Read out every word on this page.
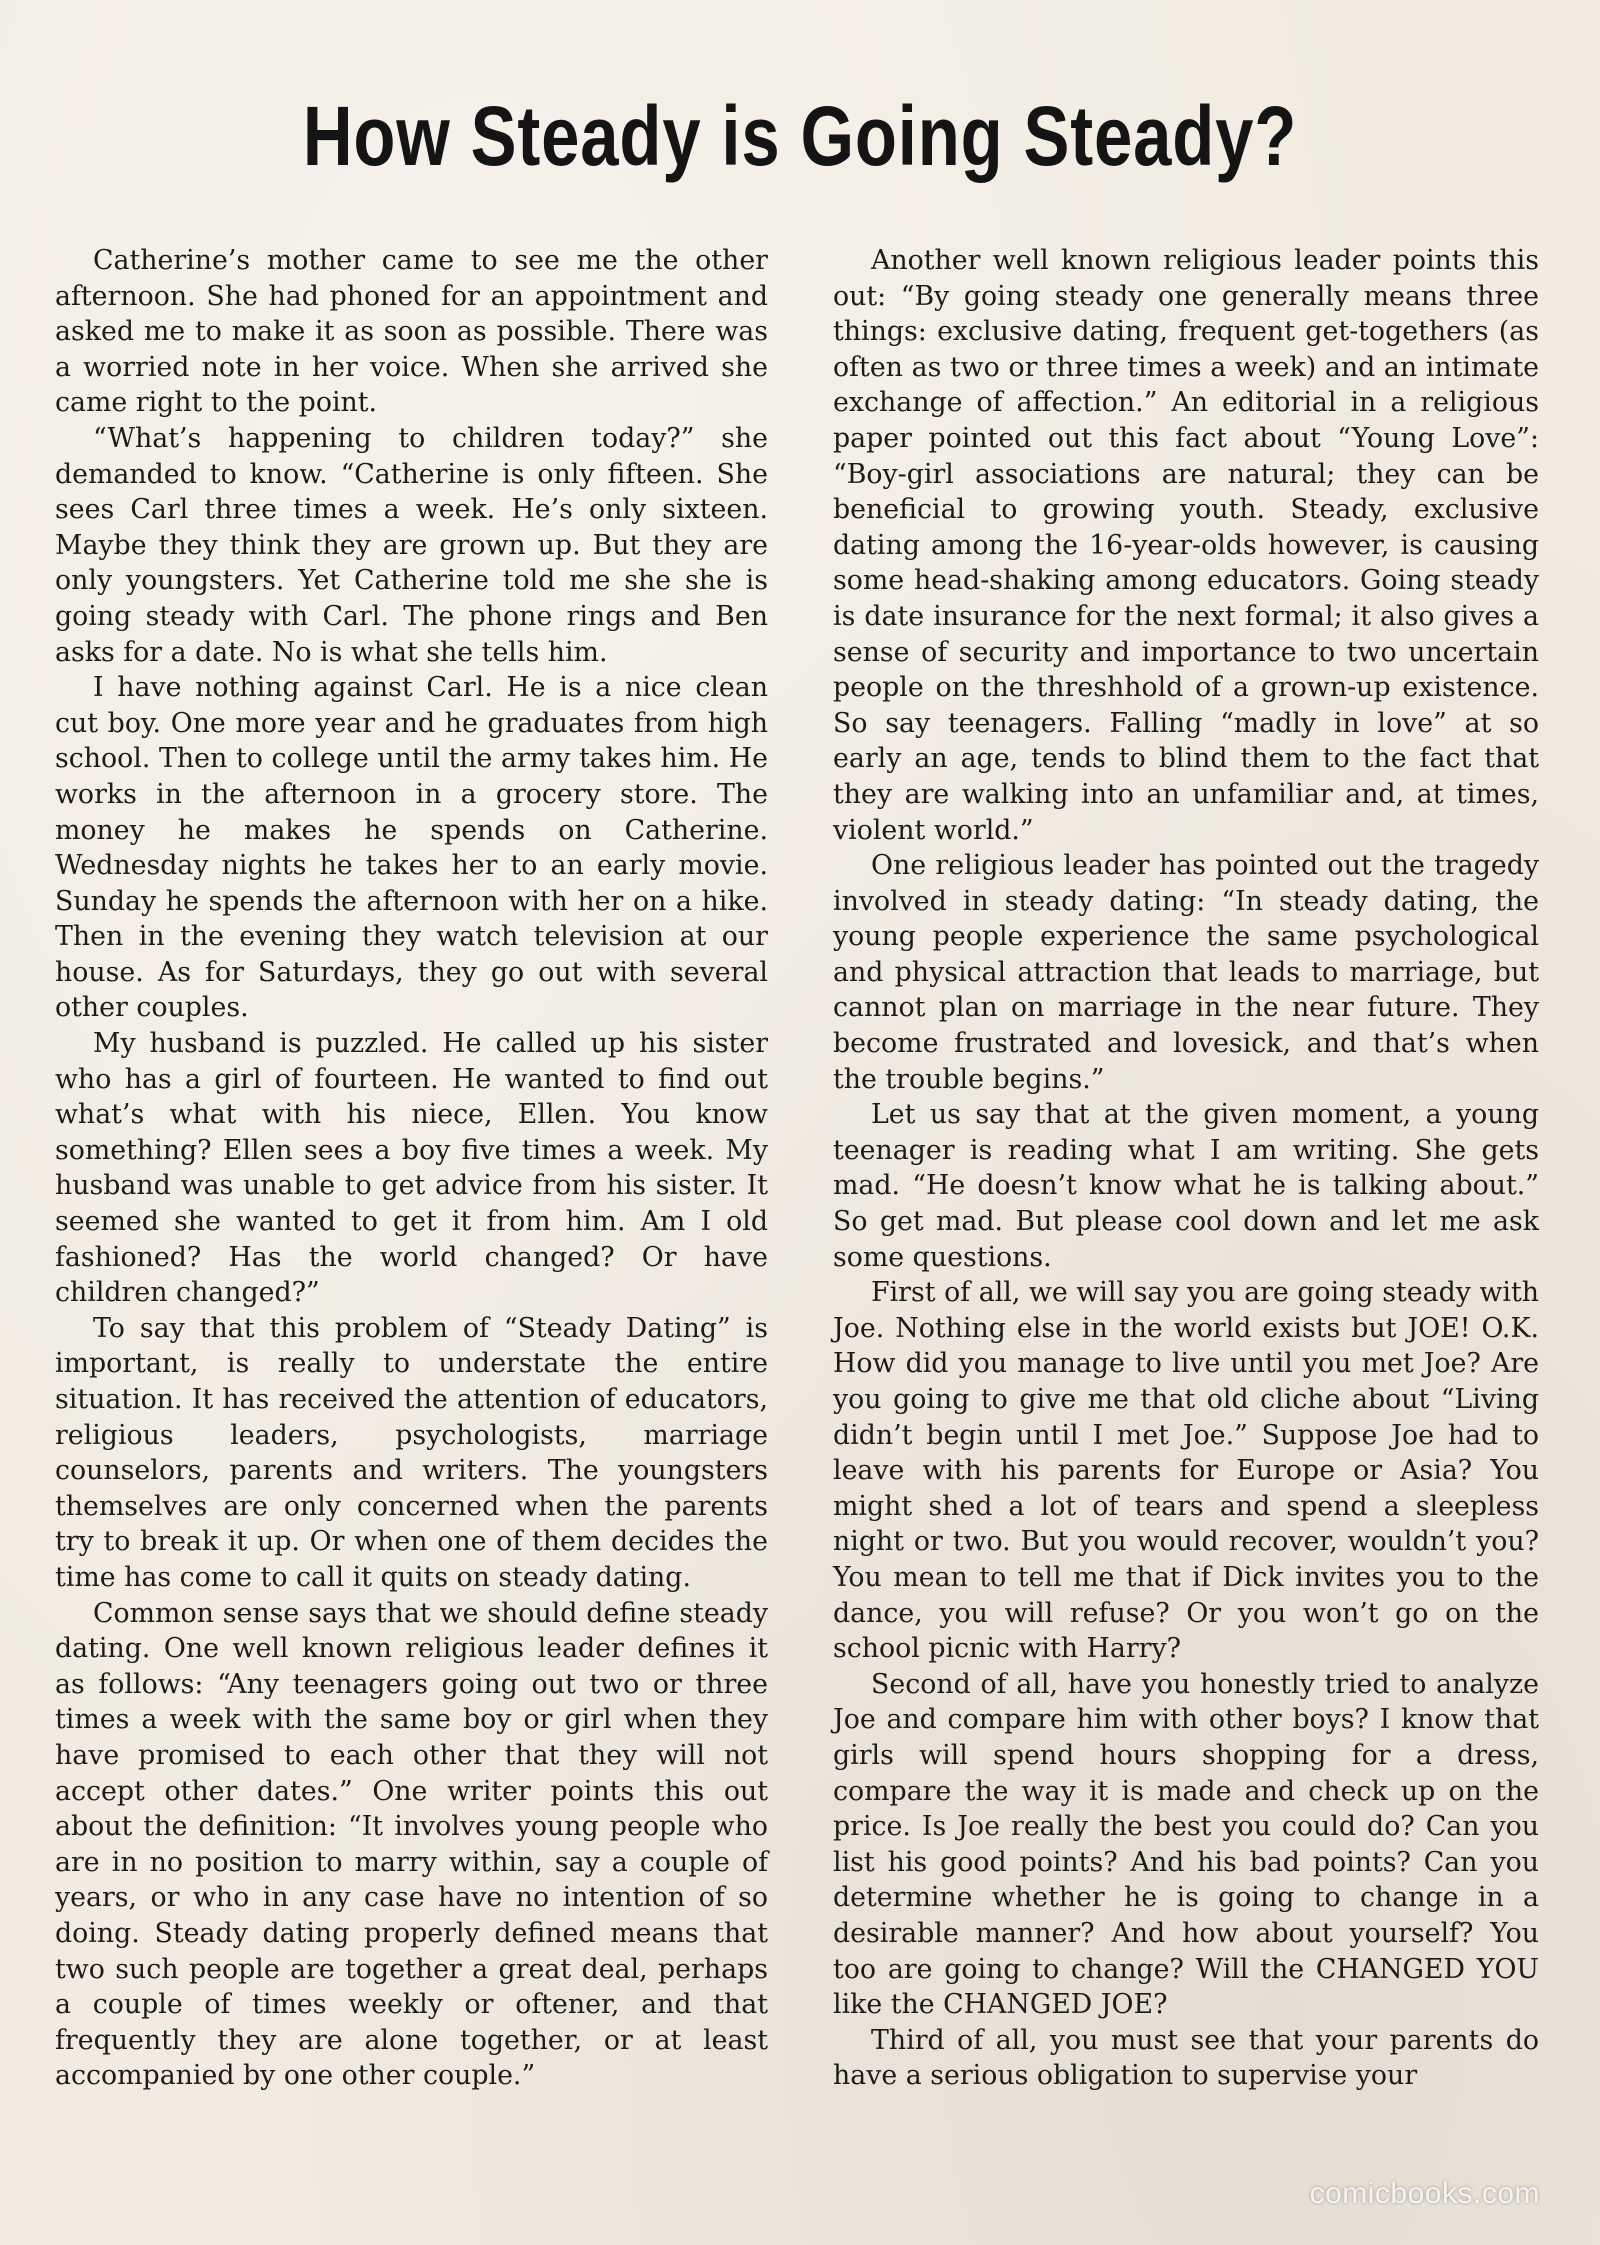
How Steady is Going Steady?

Catherine’s mother came to see me the other afternoon. She had phoned for an appointment and asked me to make it as soon as possible. There was a worried note in her voice. When she arrived she came right to the point.

“What’s happening to children today?” she demanded to know. “Catherine is only fifteen. She sees Carl three times a week. He’s only sixteen. Maybe they think they are grown up. But they are only youngsters. Yet Catherine told me she she is going steady with Carl. The phone rings and Ben asks for a date. No is what she tells him.

I have nothing against Carl. He is a nice clean cut boy. One more year and he graduates from high school. Then to college until the army takes him. He works in the afternoon in a grocery store. The money he makes he spends on Catherine. Wednesday nights he takes her to an early movie. Sunday he spends the afternoon with her on a hike. Then in the evening they watch television at our house. As for Saturdays, they go out with several other couples.

My husband is puzzled. He called up his sister who has a girl of fourteen. He wanted to find out what’s what with his niece, Ellen. You know something? Ellen sees a boy five times a week. My husband was unable to get advice from his sister. It seemed she wanted to get it from him. Am I old fashioned? Has the world changed? Or have children changed?”

To say that this problem of “Steady Dating” is important, is really to understate the entire situation. It has received the attention of educators, religious leaders, psychologists, marriage counselors, parents and writers. The youngsters themselves are only concerned when the parents try to break it up. Or when one of them decides the time has come to call it quits on steady dating.

Common sense says that we should define steady dating. One well known religious leader defines it as follows: “Any teenagers going out two or three times a week with the same boy or girl when they have promised to each other that they will not accept other dates.” One writer points this out about the definition: “It involves young people who are in no position to marry within, say a couple of years, or who in any case have no intention of so doing. Steady dating properly defined means that two such people are together a great deal, perhaps a couple of times weekly or oftener, and that frequently they are alone together, or at least accompanied by one other couple.”

Another well known religious leader points this out: “By going steady one generally means three things: exclusive dating, frequent get-togethers (as often as two or three times a week) and an intimate exchange of affection.” An editorial in a religious paper pointed out this fact about “Young Love”: “Boy-girl associations are natural; they can be beneficial to growing youth. Steady, exclusive dating among the 16-year-olds however, is causing some head-shaking among educators. Going steady is date insurance for the next formal; it also gives a sense of security and importance to two uncertain people on the threshhold of a grown-up existence. So say teenagers. Falling “madly in love” at so early an age, tends to blind them to the fact that they are walking into an unfamiliar and, at times, violent world.”

One religious leader has pointed out the tragedy involved in steady dating: “In steady dating, the young people experience the same psychological and physical attraction that leads to marriage, but cannot plan on marriage in the near future. They become frustrated and lovesick, and that’s when the trouble begins.”

Let us say that at the given moment, a young teenager is reading what I am writing. She gets mad. “He doesn’t know what he is talking about.” So get mad. But please cool down and let me ask some questions.

First of all, we will say you are going steady with Joe. Nothing else in the world exists but JOE! O.K. How did you manage to live until you met Joe? Are you going to give me that old cliche about “Living didn’t begin until I met Joe.” Suppose Joe had to leave with his parents for Europe or Asia? You might shed a lot of tears and spend a sleepless night or two. But you would recover, wouldn’t you? You mean to tell me that if Dick invites you to the dance, you will refuse? Or you won’t go on the school picnic with Harry?

Second of all, have you honestly tried to analyze Joe and compare him with other boys? I know that girls will spend hours shopping for a dress, compare the way it is made and check up on the price. Is Joe really the best you could do? Can you list his good points? And his bad points? Can you determine whether he is going to change in a desirable manner? And how about yourself? You too are going to change? Will the CHANGED YOU like the CHANGED JOE?

Third of all, you must see that your parents do have a serious obligation to supervise your

comicbooks.com
